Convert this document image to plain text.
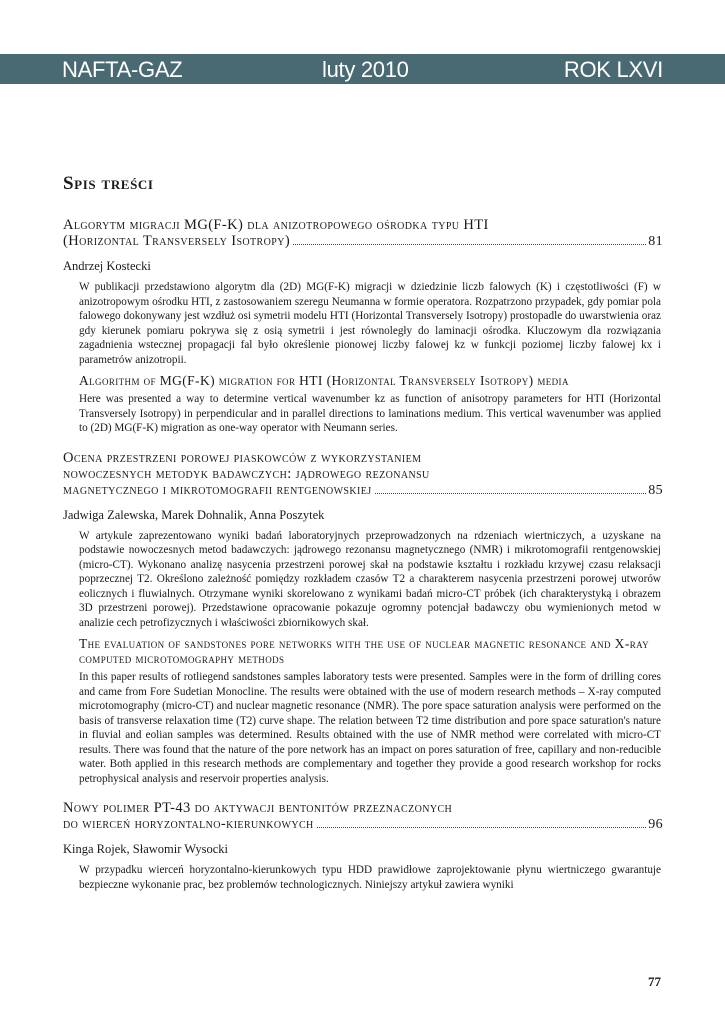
NAFTA-GAZ	luty 2010	ROK LXVI
Spis treści
Algorytm migracji MG(F-K) dla anizotropowego ośrodka typu HTI
(Horizontal Transversely Isotropy)	81
Andrzej Kostecki
W publikacji przedstawiono algorytm dla (2D) MG(F-K) migracji w dziedzinie liczb falowych (K) i częstotliwości (F) w anizotropowym ośrodku HTI, z zastosowaniem szeregu Neumanna w formie operatora. Rozpatrzono przypadek, gdy pomiar pola falowego dokonywany jest wzdłuż osi symetrii modelu HTI (Horizontal Transversely Isotropy) prostopadle do uwarstwienia oraz gdy kierunek pomiaru pokrywa się z osią symetrii i jest równoległy do laminacji ośrodka. Kluczowym dla rozwiązania zagadnienia wstecznej propagacji fal było określenie pionowej liczby falowej kz w funkcji poziomej liczby falowej kx i parametrów anizotropii.
Algorithm of MG(F-K) migration for HTI (Horizontal Transversely Isotropy) media
Here was presented a way to determine vertical wavenumber kz as function of anisotropy parameters for HTI (Horizontal Transversely Isotropy) in perpendicular and in parallel directions to laminations medium. This vertical wavenumber was applied to (2D) MG(F-K) migration as one-way operator with Neumann series.
Ocena przestrzeni porowej piaskowców z wykorzystaniem
nowoczesnych metodyk badawczych: jądrowego rezonansu
magnetycznego i mikrotomografii rentgenowskiej	85
Jadwiga Zalewska, Marek Dohnalik, Anna Poszytek
W artykule zaprezentowano wyniki badań laboratoryjnych przeprowadzonych na rdzeniach wiertniczych, a uzyskane na podstawie nowoczesnych metod badawczych: jądrowego rezonansu magnetycznego (NMR) i mikrotomografii rentgenowskiej (micro-CT). Wykonano analizę nasycenia przestrzeni porowej skał na podstawie kształtu i rozkładu krzywej czasu relaksacji poprzecznej T2. Określono zależność pomiędzy rozkładem czasów T2 a charakterem nasycenia przestrzeni porowej utworów eolicznych i fluwialnych. Otrzymane wyniki skorelowano z wynikami badań micro-CT próbek (ich charakterystyką i obrazem 3D przestrzeni porowej). Przedstawione opracowanie pokazuje ogromny potencjał badawczy obu wymienionych metod w analizie cech petrofizycznych i właściwości zbiornikowych skał.
The evaluation of sandstones pore networks with the use of nuclear magnetic resonance and X-ray computed microtomography methods
In this paper results of rotliegend sandstones samples laboratory tests were presented. Samples were in the form of drilling cores and came from Fore Sudetian Monocline. The results were obtained with the use of modern research methods – X-ray computed microtomography (micro-CT) and nuclear magnetic resonance (NMR). The pore space saturation analysis were performed on the basis of transverse relaxation time (T2) curve shape. The relation between T2 time distribution and pore space saturation's nature in fluvial and eolian samples was determined. Results obtained with the use of NMR method were correlated with micro-CT results. There was found that the nature of the pore network has an impact on pores saturation of free, capillary and non-reducible water. Both applied in this research methods are complementary and together they provide a good research workshop for rocks petrophysical analysis and reservoir properties analysis.
Nowy polimer PT-43 do aktywacji bentonitów przeznaczonych
do wierceń horyzontalno-kierunkowych	96
Kinga Rojek, Sławomir Wysocki
W przypadku wierceń horyzontalno-kierunkowych typu HDD prawidłowe zaprojektowanie płynu wiertniczego gwarantuje bezpieczne wykonanie prac, bez problemów technologicznych. Niniejszy artykuł zawiera wyniki
77
